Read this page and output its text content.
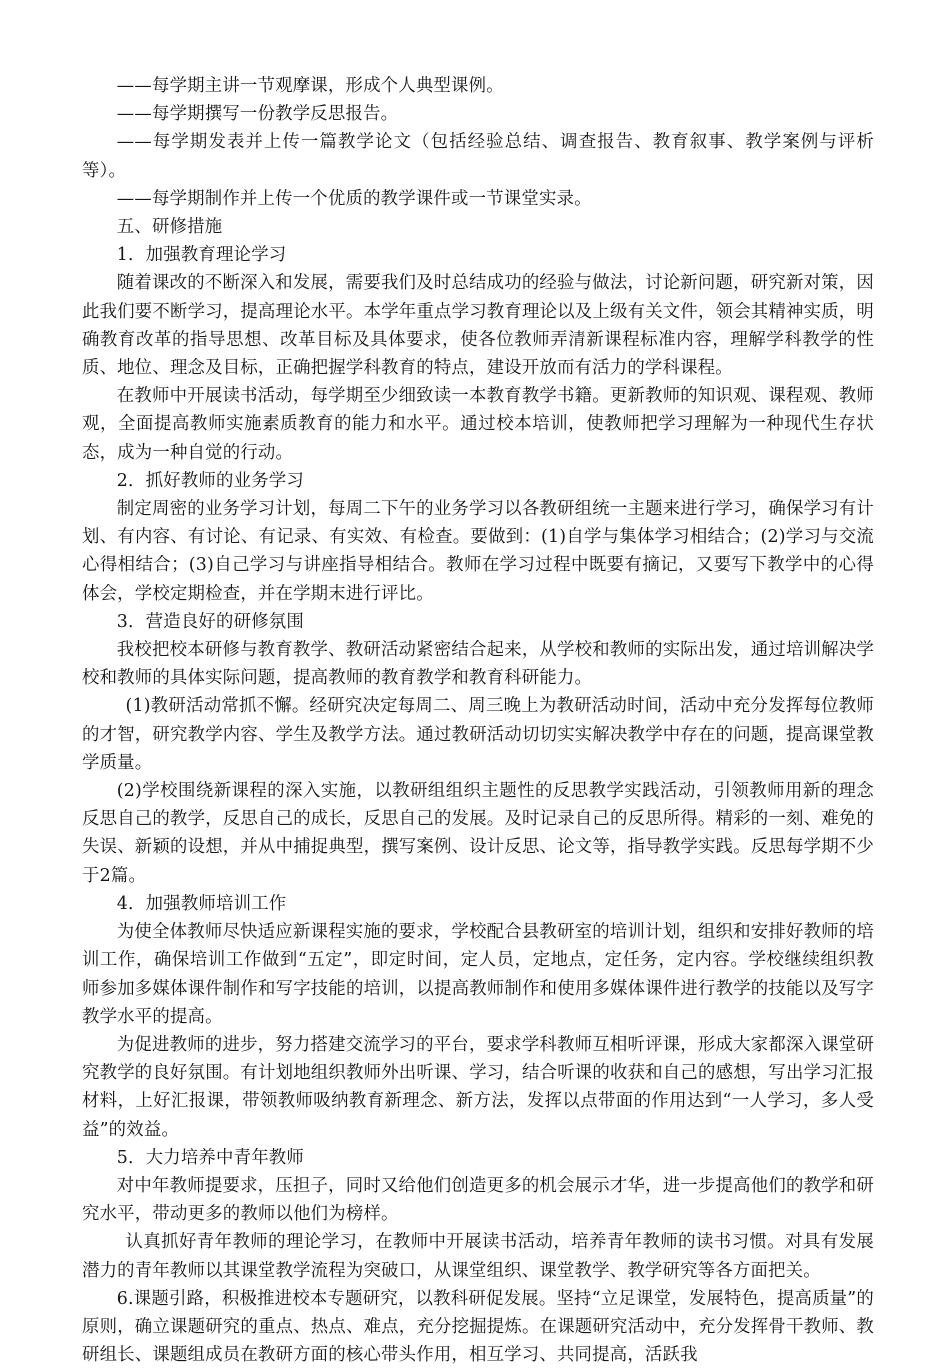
——每学期主讲一节观摩课，形成个人典型课例。

——每学期撰写一份教学反思报告。

——每学期发表并上传一篇教学论文（包括经验总结、调查报告、教育叙事、教学案例与评析等）。

——每学期制作并上传一个优质的教学课件或一节课堂实录。

五、研修措施

1．加强教育理论学习

随着课改的不断深入和发展，需要我们及时总结成功的经验与做法，讨论新问题，研究新对策，因此我们要不断学习，提高理论水平。本学年重点学习教育理论以及上级有关文件，领会其精神实质，明确教育改革的指导思想、改革目标及具体要求，使各位教师弄清新课程标准内容，理解学科教学的性质、地位、理念及目标，正确把握学科教育的特点，建设开放而有活力的学科课程。

在教师中开展读书活动，每学期至少细致读一本教育教学书籍。更新教师的知识观、课程观、教师观，全面提高教师实施素质教育的能力和水平。通过校本培训，使教师把学习理解为一种现代生存状态，成为一种自觉的行动。

2．抓好教师的业务学习

制定周密的业务学习计划，每周二下午的业务学习以各教研组统一主题来进行学习，确保学习有计划、有内容、有讨论、有记录、有实效、有检查。要做到：(1)自学与集体学习相结合；(2)学习与交流心得相结合；(3)自己学习与讲座指导相结合。教师在学习过程中既要有摘记，又要写下教学中的心得体会，学校定期检查，并在学期末进行评比。

3．营造良好的研修氛围

我校把校本研修与教育教学、教研活动紧密结合起来，从学校和教师的实际出发，通过培训解决学校和教师的具体实际问题，提高教师的教育教学和教育科研能力。

(1)教研活动常抓不懈。经研究决定每周二、周三晚上为教研活动时间，活动中充分发挥每位教师的才智，研究教学内容、学生及教学方法。通过教研活动切切实实解决教学中存在的问题，提高课堂教学质量。

(2)学校围绕新课程的深入实施，以教研组组织主题性的反思教学实践活动，引领教师用新的理念反思自己的教学，反思自己的成长，反思自己的发展。及时记录自己的反思所得。精彩的一刻、难免的失误、新颖的设想，并从中捕捉典型，撰写案例、设计反思、论文等，指导教学实践。反思每学期不少于2篇。

4．加强教师培训工作

为使全体教师尽快适应新课程实施的要求，学校配合县教研室的培训计划，组织和安排好教师的培训工作，确保培训工作做到“五定”，即定时间，定人员，定地点，定任务，定内容。学校继续组织教师参加多媒体课件制作和写字技能的培训，以提高教师制作和使用多媒体课件进行教学的技能以及写字教学水平的提高。

为促进教师的进步，努力搭建交流学习的平台，要求学科教师互相听评课，形成大家都深入课堂研究教学的良好氛围。有计划地组织教师外出听课、学习，结合听课的收获和自己的感想，写出学习汇报材料，上好汇报课，带领教师吸纳教育新理念、新方法，发挥以点带面的作用达到“一人学习，多人受益”的效益。

5．大力培养中青年教师

对中年教师提要求，压担子，同时又给他们创造更多的机会展示才华，进一步提高他们的教学和研究水平，带动更多的教师以他们为榜样。

认真抓好青年教师的理论学习，在教师中开展读书活动，培养青年教师的读书习惯。对具有发展潜力的青年教师以其课堂教学流程为突破口，从课堂组织、课堂教学、教学研究等各方面把关。

6.课题引路，积极推进校本专题研究，以教科研促发展。坚持“立足课堂，发展特色，提高质量”的原则，确立课题研究的重点、热点、难点，充分挖掘提炼。在课题研究活动中，充分发挥骨干教师、教研组长、课题组成员在教研方面的核心带头作用，相互学习、共同提高，活跃我
